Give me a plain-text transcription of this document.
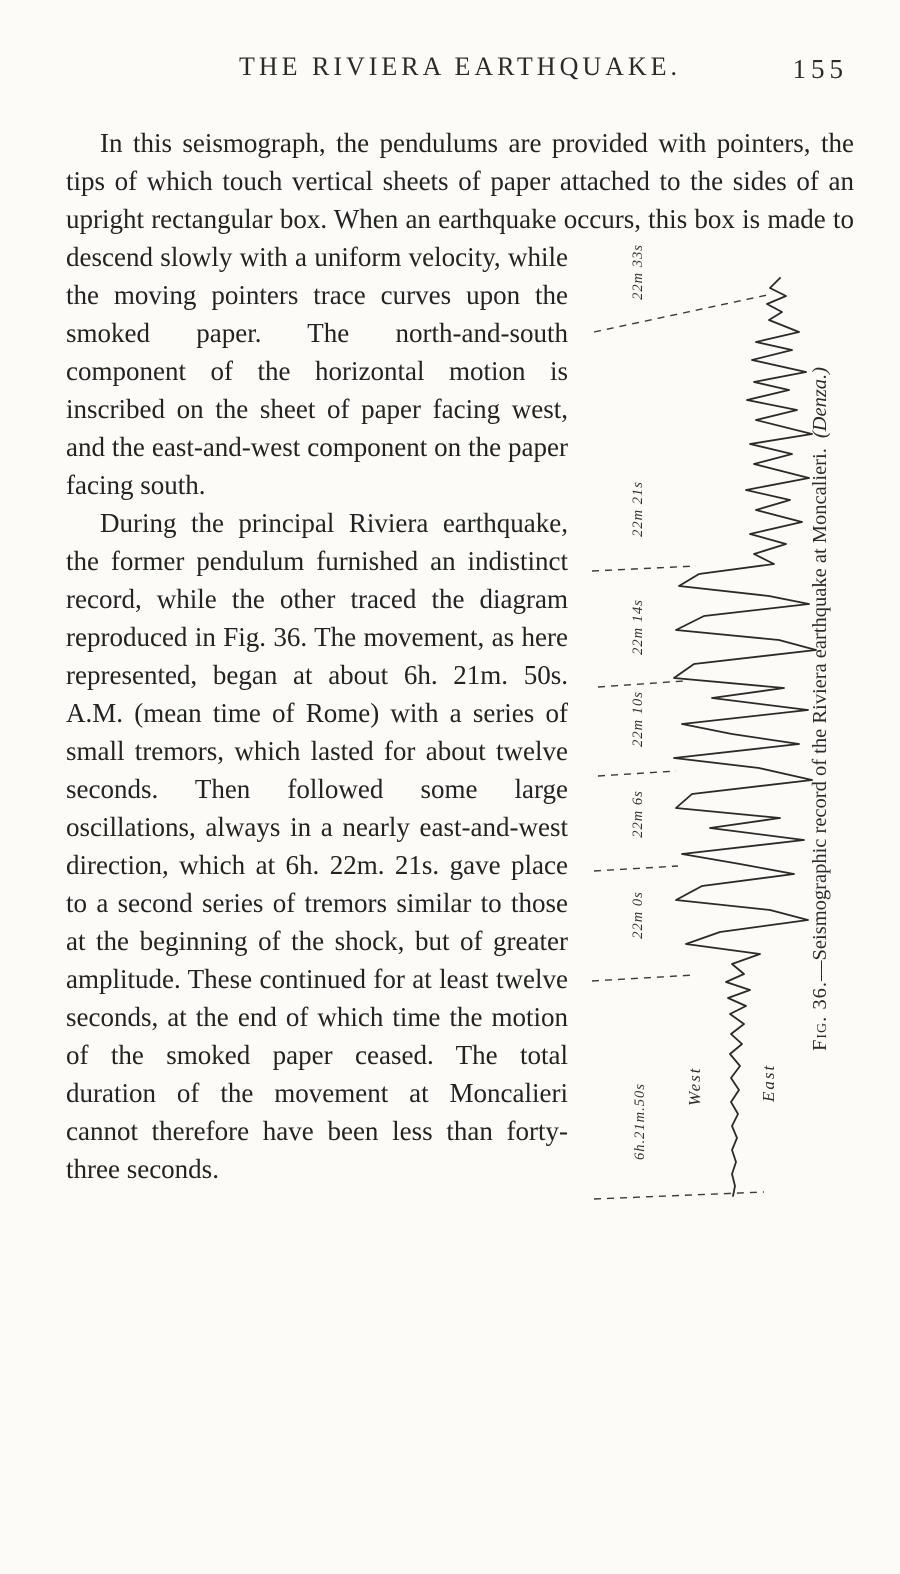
THE RIVIERA EARTHQUAKE.	155

In this seismograph, the pendulums are provided with pointers, the tips of which touch vertical sheets of paper attached to the sides of an upright rectangular box. When an earthquake occurs, this box
22m 33s
22m 21s
22m 14s
22m 10s
22m 6s
22m 0s
6h.21m.50s	West	East
Fig. 36.—Seismographic record of the Riviera earthquake at Moncalieri.(Denza.)
is made to descend slowly with a uniform velocity, while the moving pointers trace curves upon the smoked paper. The north-and-south component of the horizontal motion is inscribed on the sheet of paper facing west, and the east-and-west component on the paper facing south.

During the principal Riviera earthquake, the former pendulum furnished an indistinct record, while the other traced the diagram reproduced in Fig. 36. The movement, as here represented, began at about 6h. 21m. 50s. A.M. (mean time of Rome) with a series of small tremors, which lasted for about twelve seconds. Then followed some large oscillations, always in a nearly east-and-west direction, which at 6h. 22m. 21s. gave place to a second series of tremors similar to those at the beginning of the shock, but of greater amplitude. These continued for at least twelve seconds, at the end of which time the motion of the smoked paper ceased. The total duration of the movement at Moncalieri cannot therefore have been less than forty-three seconds.
